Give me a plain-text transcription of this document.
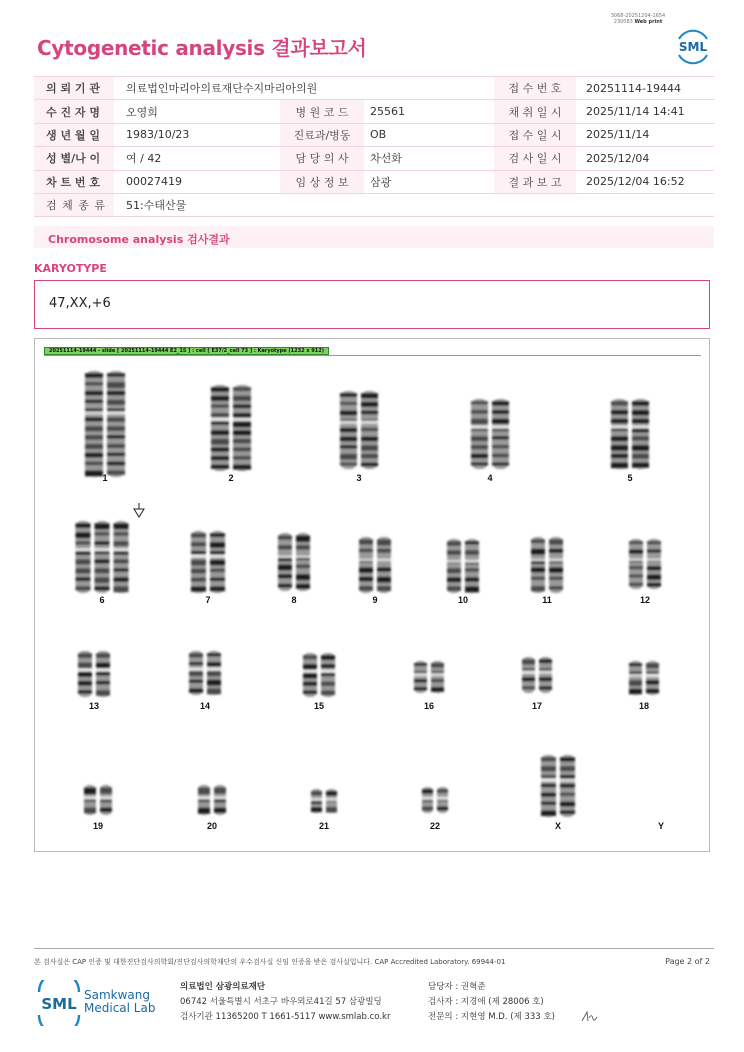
3068-20251204-1654
230083 Web print
Cytogenetic analysis 결과보고서	SML
의 뢰 기 관	의료법인마리아의료재단수지마리아의원			접 수 번 호	20251114-19444
수 진 자 명	오영희	병 원 코 드	25561	채 취 일 시	2025/11/14 14:41
생 년 월 일	1983/10/23	진료과/병동	OB	접 수 일 시	2025/11/14
성 별/나 이	여 / 42	담 당 의 사	차선화	검 사 일 시	2025/12/04
차 트 번 호	00027419	임 상 정 보	삼광	결 과 보 고	2025/12/04 16:52
검 체 종 류	51:수태산물				
Chromosome analysis 검사결과
KARYOTYPE
47,XX,+6
1	2	3	4	5
6	7	8	9	10	11	12
13	14	15	16	17	18
19	20	21	22	X	Y
20251114-19444 - slide [ 20251114-19444 E2_15 ] : cell [ E37/2_cell 73 ] : Karyotype (1232 x 912)
본 검사실은 CAP 인증 및 대한진단검사의학회/진단검사의학재단의 우수검사실 신임 인증을 받은 검사실입니다. CAP Accredited Laboratory. 69944-01	Page 2 of 2
SML Samkwang
Medical Lab
의료법인 삼광의료재단
06742 서울특별시 서초구 바우뫼로41길 57 삼광빌딩
검사기관 11365200 T 1661-5117 www.smlab.co.kr
담당자 : 권혁준
검사자 : 지경애 (제 28006 호)
전문의 : 지현영 M.D. (제 333 호)
